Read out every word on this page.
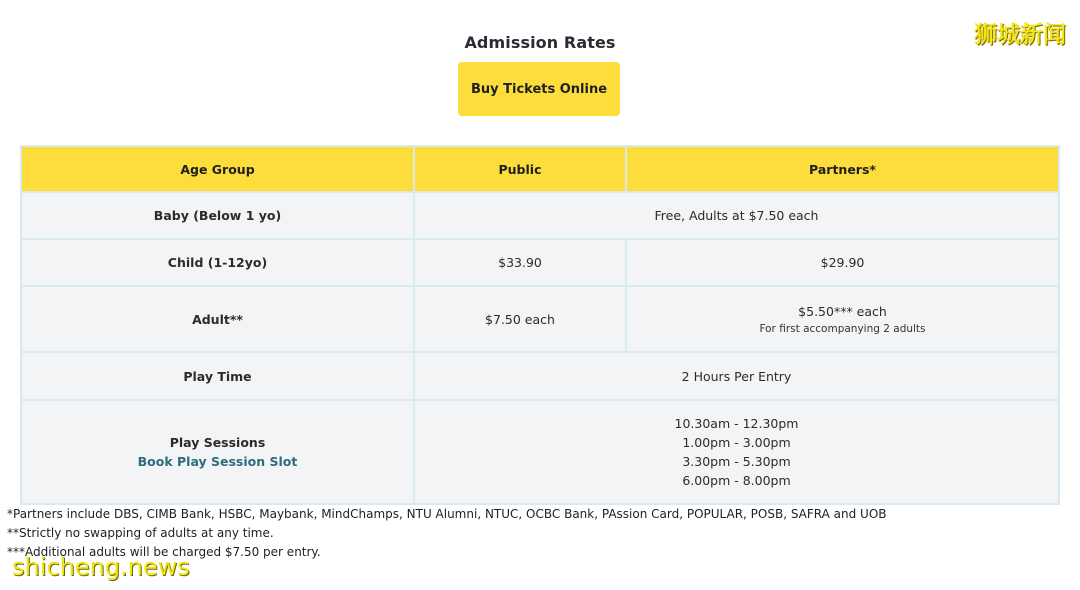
Admission Rates
Buy Tickets Online
Age Group	Public	Partners*
Baby (Below 1 yo)	Free, Adults at $7.50 each	
Child (1-12yo)	$33.90	$29.90
Adult**	$7.50 each	$5.50*** each
For first accompanying 2 adults

Play Time	2 Hours Per Entry	

Play Sessions
Book Play Session Slot	10.30am - 12.30pm
1.00pm - 3.00pm
3.30pm - 5.30pm
6.00pm - 8.00pm	
*Partners include DBS, CIMB Bank, HSBC, Maybank, MindChamps, NTU Alumni, NTUC, OCBC Bank, PAssion Card, POPULAR, POSB, SAFRA and UOB
**Strictly no swapping of adults at any time.
***Additional adults will be charged $7.50 per entry.
狮城新闻
shicheng.news
